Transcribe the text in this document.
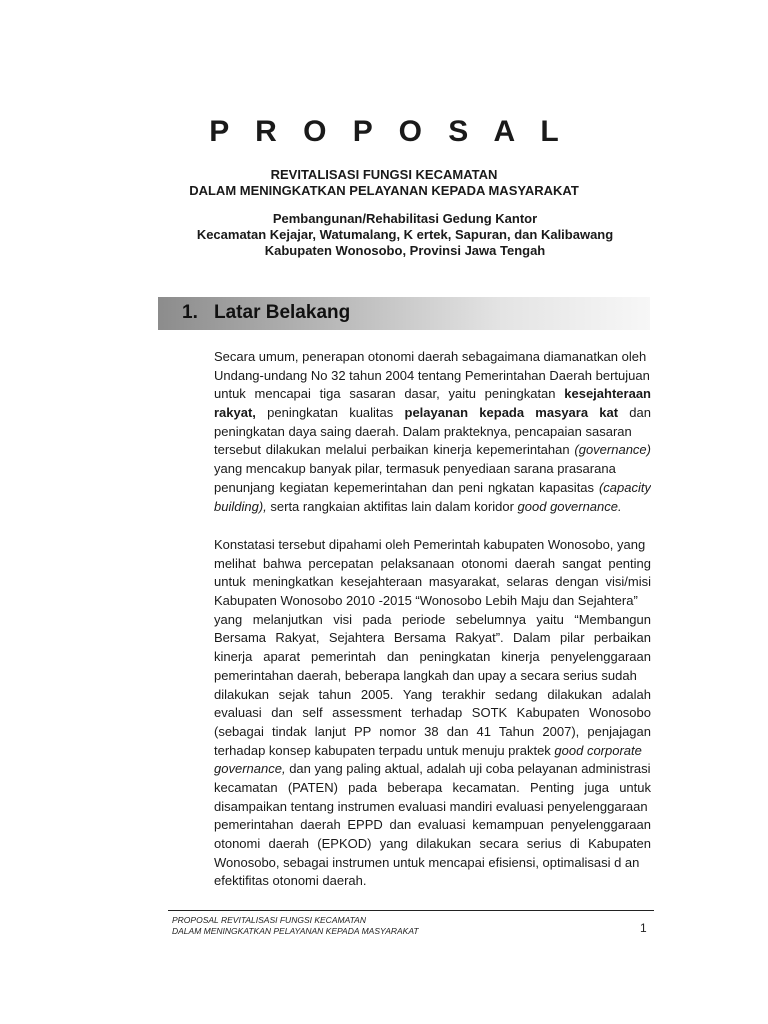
P R O P O S A L
REVITALISASI FUNGSI KECAMATAN
DALAM MENINGKATKAN PELAYANAN KEPADA MASYARAKAT
Pembangunan/Rehabilitasi Gedung Kantor
Kecamatan Kejajar, Watumalang, K ertek, Sapuran, dan Kalibawang
Kabupaten Wonosobo, Provinsi Jawa Tengah
1. Latar Belakang
Secara umum, penerapan otonomi daerah sebagaimana diamanatkan oleh
Undang-undang No 32 tahun 2004 tentang Pemerintahan Daerah bertujuan
untuk mencapai tiga sasaran dasar, yaitu peningkatan kesejahteraan
rakyat, peningkatan kualitas pelayanan kepada masyara kat dan
peningkatan daya saing daerah. Dalam prakteknya, pencapaian sasaran
tersebut dilakukan melalui perbaikan kinerja kepemerintahan (governance)
yang mencakup banyak pilar, termasuk penyediaan sarana prasarana
penunjang kegiatan kepemerintahan dan peni ngkatan kapasitas (capacity
building), serta rangkaian aktifitas lain dalam koridor good governance.
Konstatasi tersebut dipahami oleh Pemerintah kabupaten Wonosobo, yang
melihat bahwa percepatan pelaksanaan otonomi daerah sangat penting
untuk meningkatkan kesejahteraan masyarakat, selaras dengan visi/misi
Kabupaten Wonosobo 2010 -2015 “Wonosobo Lebih Maju dan Sejahtera”
yang melanjutkan visi pada periode sebelumnya yaitu “Membangun
Bersama Rakyat, Sejahtera Bersama Rakyat”. Dalam pilar perbaikan
kinerja aparat pemerintah dan peningkatan kinerja penyelenggaraan
pemerintahan daerah, beberapa langkah dan upay a secara serius sudah
dilakukan sejak tahun 2005. Yang terakhir sedang dilakukan adalah
evaluasi dan self assessment terhadap SOTK Kabupaten Wonosobo
(sebagai tindak lanjut PP nomor 38 dan 41 Tahun 2007), penjajagan
terhadap konsep kabupaten terpadu untuk menuju praktek good corporate
governance, dan yang paling aktual, adalah uji coba pelayanan administrasi
kecamatan (PATEN) pada beberapa kecamatan. Penting juga untuk
disampaikan tentang instrumen evaluasi mandiri evaluasi penyelenggaraan
pemerintahan daerah EPPD dan evaluasi kemampuan penyelenggaraan
otonomi daerah (EPKOD) yang dilakukan secara serius di Kabupaten
Wonosobo, sebagai instrumen untuk mencapai efisiensi, optimalisasi d an
efektifitas otonomi daerah.
PROPOSAL REVITALISASI FUNGSI KECAMATAN
DALAM MENINGKATKAN PELAYANAN KEPADA MASYARAKAT	1
